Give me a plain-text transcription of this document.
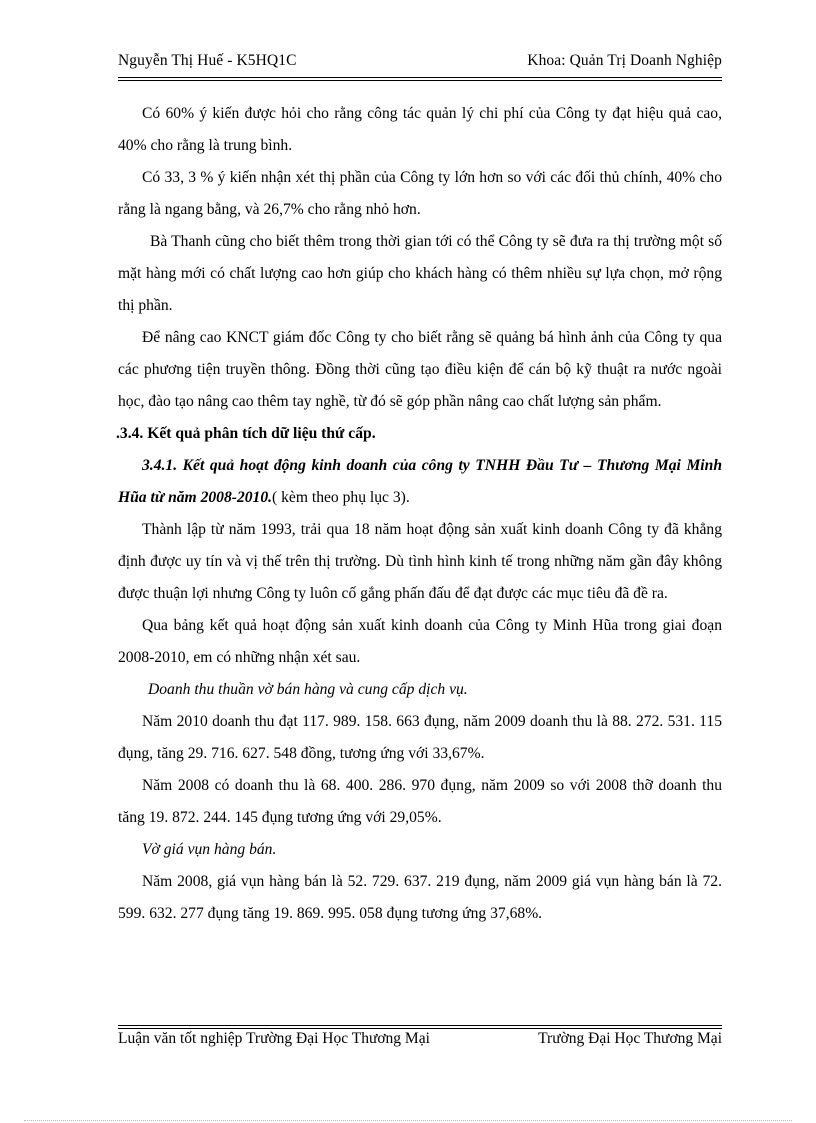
Nguyễn Thị Huế - K5HQ1C	Khoa: Quản Trị Doanh Nghiệp

Có 60% ý kiến được hỏi cho rằng công tác quản lý chi phí của Công ty đạt hiệu quả cao, 40% cho rằng là trung bình.

Có 33, 3 % ý kiến nhận xét thị phần của Công ty lớn hơn so với các đối thủ chính, 40% cho rằng là ngang bằng, và 26,7% cho rằng nhỏ hơn.

Bà Thanh cũng cho biết thêm trong thời gian tới có thể Công ty sẽ đưa ra thị trường một số mặt hàng mới có chất lượng cao hơn giúp cho khách hàng có thêm nhiều sự lựa chọn, mở rộng thị phần.

Để nâng cao KNCT giám đốc Công ty cho biết rằng sẽ quảng bá hình ảnh của Công ty qua các phương tiện truyền thông. Đồng thời cũng tạo điều kiện để cán bộ kỹ thuật ra nước ngoài học, đào tạo nâng cao thêm tay nghề, từ đó sẽ góp phần nâng cao chất lượng sản phẩm.

.3.4. Kết quả phân tích dữ liệu thứ cấp.

3.4.1. Kết quả hoạt động kinh doanh của công ty TNHH Đầu Tư – Thương Mại Minh Hũa từ năm 2008-2010.( kèm theo phụ lục 3).

Thành lập từ năm 1993, trải qua 18 năm hoạt động sản xuất kinh doanh Công ty đã khẳng định được uy tín và vị thế trên thị trường. Dù tình hình kinh tế trong những năm gần đây không được thuận lợi nhưng Công ty luôn cố gắng phấn đấu để đạt được các mục tiêu đã đề ra.

Qua bảng kết quả hoạt động sản xuất kinh doanh của Công ty Minh Hũa trong giai đoạn 2008-2010, em có những nhận xét sau.

Doanh thu thuần vờ bán hàng và cung cấp dịch vụ.

Năm 2010 doanh thu đạt 117. 989. 158. 663 đụng, năm 2009 doanh thu là 88. 272. 531. 115 đụng, tăng 29. 716. 627. 548 đồng, tương ứng với 33,67%.

Năm 2008 có doanh thu là 68. 400. 286. 970 đụng, năm 2009 so với 2008 thỡ doanh thu tăng 19. 872. 244. 145 đụng tương ứng với 29,05%.

Vờ giá vụn hàng bán.

Năm 2008, giá vụn hàng bán là 52. 729. 637. 219 đụng, năm 2009 giá vụn hàng bán là 72. 599. 632. 277 đụng tăng 19. 869. 995. 058 đụng tương ứng 37,68%.

Luận văn tốt nghiệp Trường Đại Học Thương Mại	Trường Đại Học Thương Mại
